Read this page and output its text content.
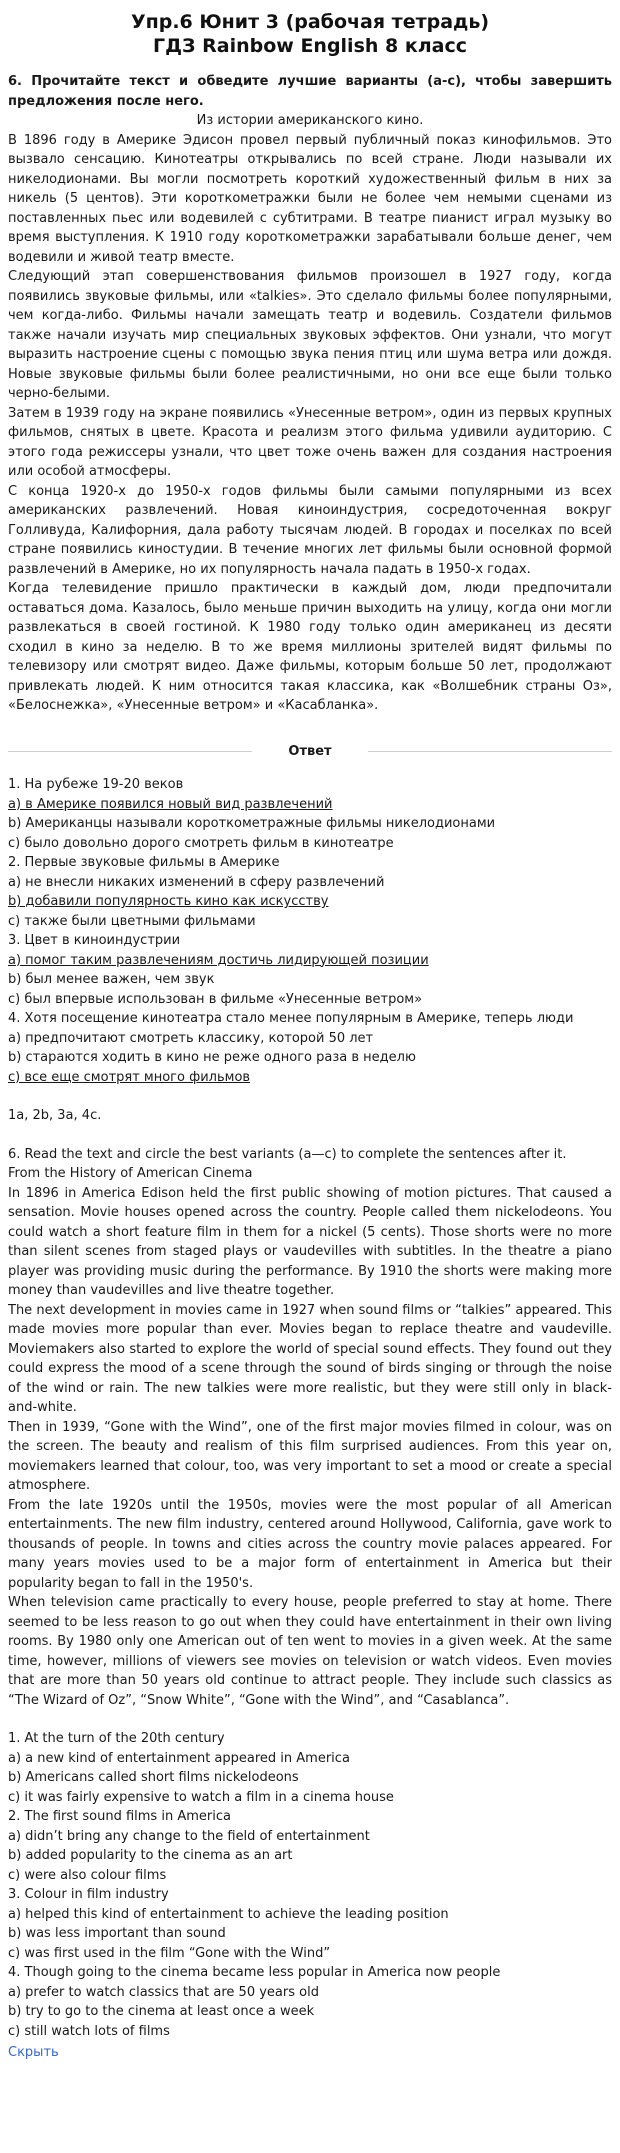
Упр.6 Юнит 3 (рабочая тетрадь)
ГДЗ Rainbow English 8 класс

6. Прочитайте текст и обведите лучшие варианты (a-c), чтобы завершить предложения после него.

Из истории американского кино.

В 1896 году в Америке Эдисон провел первый публичный показ кинофильмов. Это вызвало сенсацию. Кинотеатры открывались по всей стране. Люди называли их никелодионами. Вы могли посмотреть короткий художественный фильм в них за никель (5 центов). Эти короткометражки были не более чем немыми сценами из поставленных пьес или водевилей с субтитрами. В театре пианист играл музыку во время выступления. К 1910 году короткометражки зарабатывали больше денег, чем водевили и живой театр вместе.

Следующий этап совершенствования фильмов произошел в 1927 году, когда появились звуковые фильмы, или «talkies». Это сделало фильмы более популярными, чем когда-либо. Фильмы начали замещать театр и водевиль. Создатели фильмов также начали изучать мир специальных звуковых эффектов. Они узнали, что могут выразить настроение сцены с помощью звука пения птиц или шума ветра или дождя. Новые звуковые фильмы были более реалистичными, но они все еще были только черно-белыми.

Затем в 1939 году на экране появились «Унесенные ветром», один из первых крупных фильмов, снятых в цвете. Красота и реализм этого фильма удивили аудиторию. С этого года режиссеры узнали, что цвет тоже очень важен для создания настроения или особой атмосферы.

С конца 1920-х до 1950-х годов фильмы были самыми популярными из всех американских развлечений. Новая киноиндустрия, сосредоточенная вокруг Голливуда, Калифорния, дала работу тысячам людей. В городах и поселках по всей стране появились киностудии. В течение многих лет фильмы были основной формой развлечений в Америке, но их популярность начала падать в 1950-х годах.

Когда телевидение пришло практически в каждый дом, люди предпочитали оставаться дома. Казалось, было меньше причин выходить на улицу, когда они могли развлекаться в своей гостиной. К 1980 году только один американец из десяти сходил в кино за неделю. В то же время миллионы зрителей видят фильмы по телевизору или смотрят видео. Даже фильмы, которым больше 50 лет, продолжают привлекать людей. К ним относится такая классика, как «Волшебник страны Оз», «Белоснежка», «Унесенные ветром» и «Касабланка».

Ответ

1. На рубеже 19-20 веков

a) в Америке появился новый вид развлечений

b) Американцы называли короткометражные фильмы никелодионами

c) было довольно дорого смотреть фильм в кинотеатре

2. Первые звуковые фильмы в Америке

a) не внесли никаких изменений в сферу развлечений

b) добавили популярность кино как искусству

c) также были цветными фильмами

3. Цвет в киноиндустрии

a) помог таким развлечениям достичь лидирующей позиции

b) был менее важен, чем звук

c) был впервые использован в фильме «Унесенные ветром»

4. Хотя посещение кинотеатра стало менее популярным в Америке, теперь люди

a) предпочитают смотреть классику, которой 50 лет

b) стараются ходить в кино не реже одного раза в неделю

c) все еще смотрят много фильмов

1a, 2b, 3a, 4c.

6. Read the text and circle the best variants (a—c) to complete the sentences after it.

From the History of American Cinema

In 1896 in America Edison held the first public showing of motion pictures. That caused a sensation. Movie houses opened across the country. People called them nickelodeons. You could watch a short feature film in them for a nickel (5 cents). Those shorts were no more than silent scenes from staged plays or vaudevilles with subtitles. In the theatre a piano player was providing music during the performance. By 1910 the shorts were making more money than vaudevilles and live theatre together.

The next development in movies came in 1927 when sound films or “talkies” appeared. This made movies more popular than ever. Movies began to replace theatre and vaudeville. Moviemakers also started to explore the world of special sound effects. They found out they could express the mood of a scene through the sound of birds singing or through the noise of the wind or rain. The new talkies were more realistic, but they were still only in black-and-white.

Then in 1939, “Gone with the Wind”, one of the first major movies filmed in colour, was on the screen. The beauty and realism of this film surprised audiences. From this year on, moviemakers learned that colour, too, was very important to set a mood or create a special atmosphere.

From the late 1920s until the 1950s, movies were the most popular of all American entertainments. The new film industry, centered around Hollywood, California, gave work to thousands of people. In towns and cities across the country movie palaces appeared. For many years movies used to be a major form of entertainment in America but their popularity began to fall in the 1950's.

When television came practically to every house, people preferred to stay at home. There seemed to be less reason to go out when they could have entertainment in their own living rooms. By 1980 only one American out of ten went to movies in a given week. At the same time, however, millions of viewers see movies on television or watch videos. Even movies that are more than 50 years old continue to attract people. They include such classics as “The Wizard of Oz”, “Snow White”, “Gone with the Wind”, and “Casablanca”.

1. At the turn of the 20th century

a) a new kind of entertainment appeared in America

b) Americans called short films nickelodeons

c) it was fairly expensive to watch a film in a cinema house

2. The first sound films in America

a) didn’t bring any change to the field of entertainment

b) added popularity to the cinema as an art

c) were also colour films

3. Colour in film industry

a) helped this kind of entertainment to achieve the leading position

b) was less important than sound

c) was first used in the film “Gone with the Wind”

4. Though going to the cinema became less popular in America now people

a) prefer to watch classics that are 50 years old

b) try to go to the cinema at least once a week

c) still watch lots of films

Скрыть
